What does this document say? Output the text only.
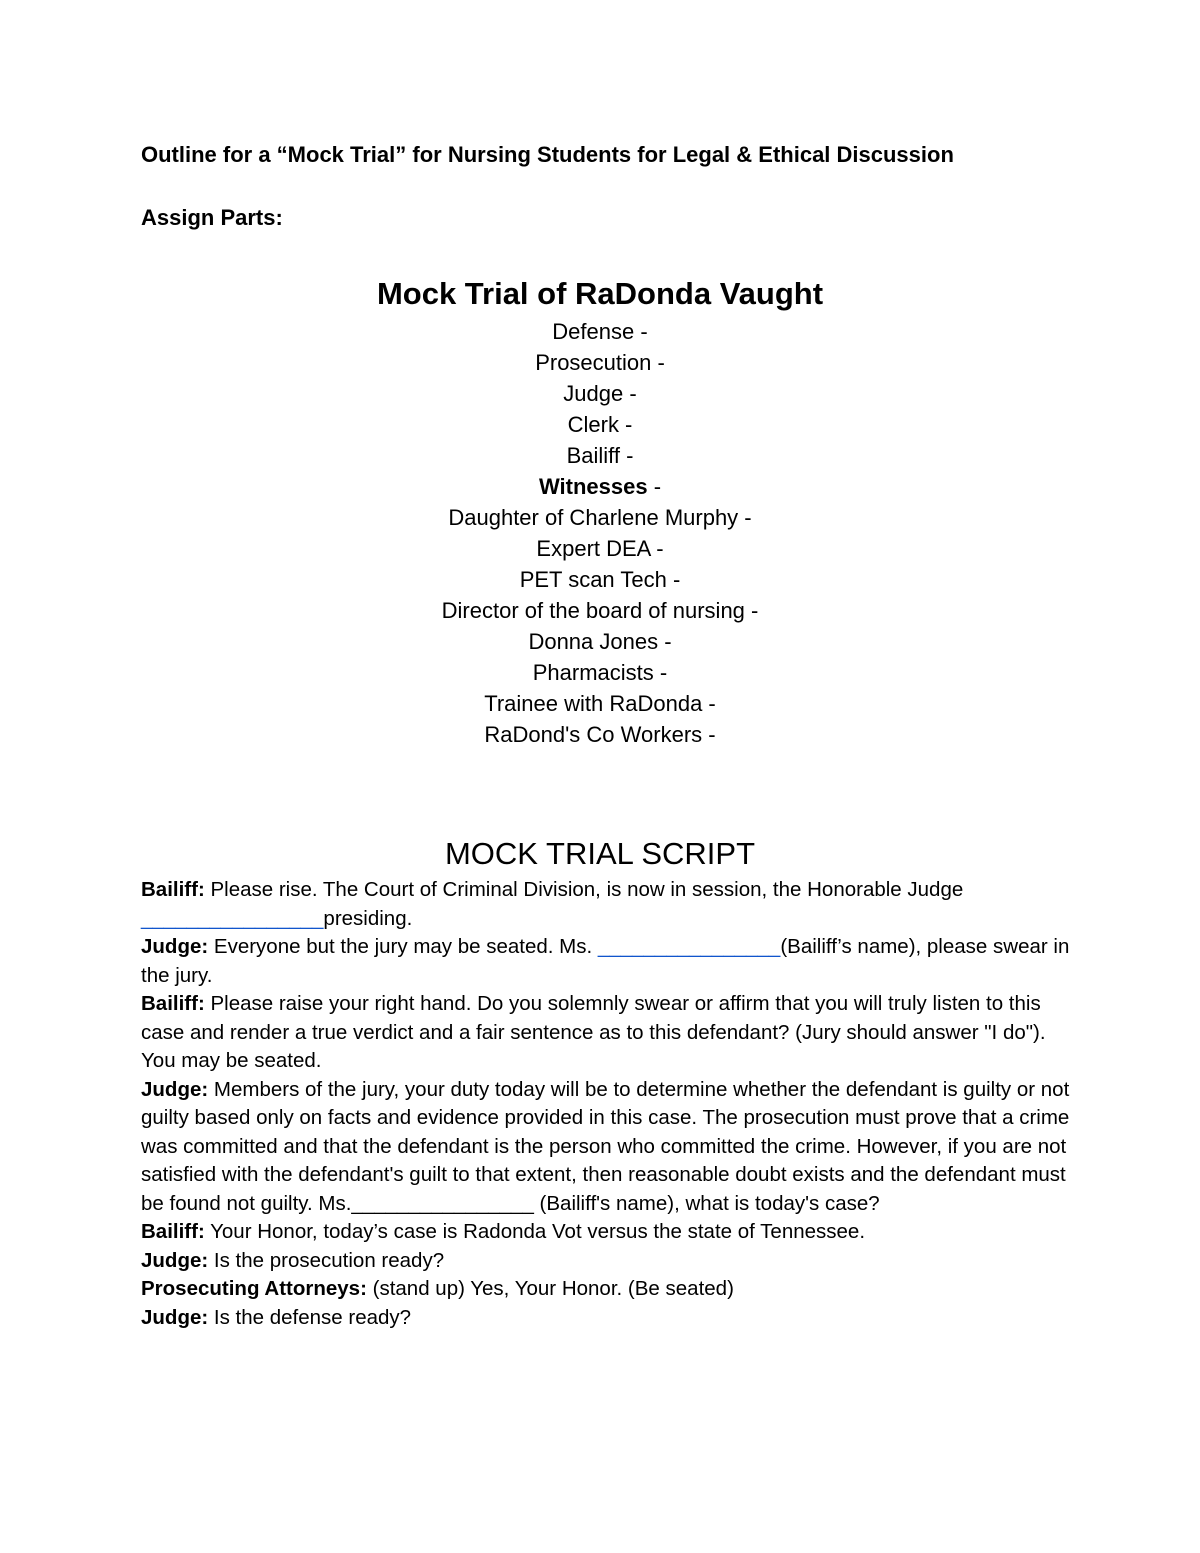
Outline for a “Mock Trial” for Nursing Students for Legal & Ethical Discussion
Assign Parts:
Mock Trial of RaDonda Vaught
Defense -
Prosecution -
Judge -
Clerk -
Bailiff -
Witnesses -
Daughter of Charlene Murphy -
Expert DEA -
PET scan Tech -
Director of the board of nursing -
Donna Jones -
Pharmacists -
Trainee with RaDonda -
RaDond's Co Workers -
MOCK TRIAL SCRIPT

Bailiff: Please rise. The Court of Criminal Division, is now in session, the Honorable Judge ________________presiding.

Judge: Everyone but the jury may be seated. Ms. ________________(Bailiff’s name), please swear in the jury.

Bailiff: Please raise your right hand. Do you solemnly swear or affirm that you will truly listen to this case and render a true verdict and a fair sentence as to this defendant? (Jury should answer "I do").

You may be seated.

Judge: Members of the jury, your duty today will be to determine whether the defendant is guilty or not guilty based only on facts and evidence provided in this case. The prosecution must prove that a crime was committed and that the defendant is the person who committed the crime. However, if you are not satisfied with the defendant's guilt to that extent, then reasonable doubt exists and the defendant must be found not guilty. Ms.________________ (Bailiff's name), what is today's case?

Bailiff: Your Honor, today’s case is Radonda Vot versus the state of Tennessee.

Judge: Is the prosecution ready?

Prosecuting Attorneys: (stand up) Yes, Your Honor. (Be seated)

Judge: Is the defense ready?
